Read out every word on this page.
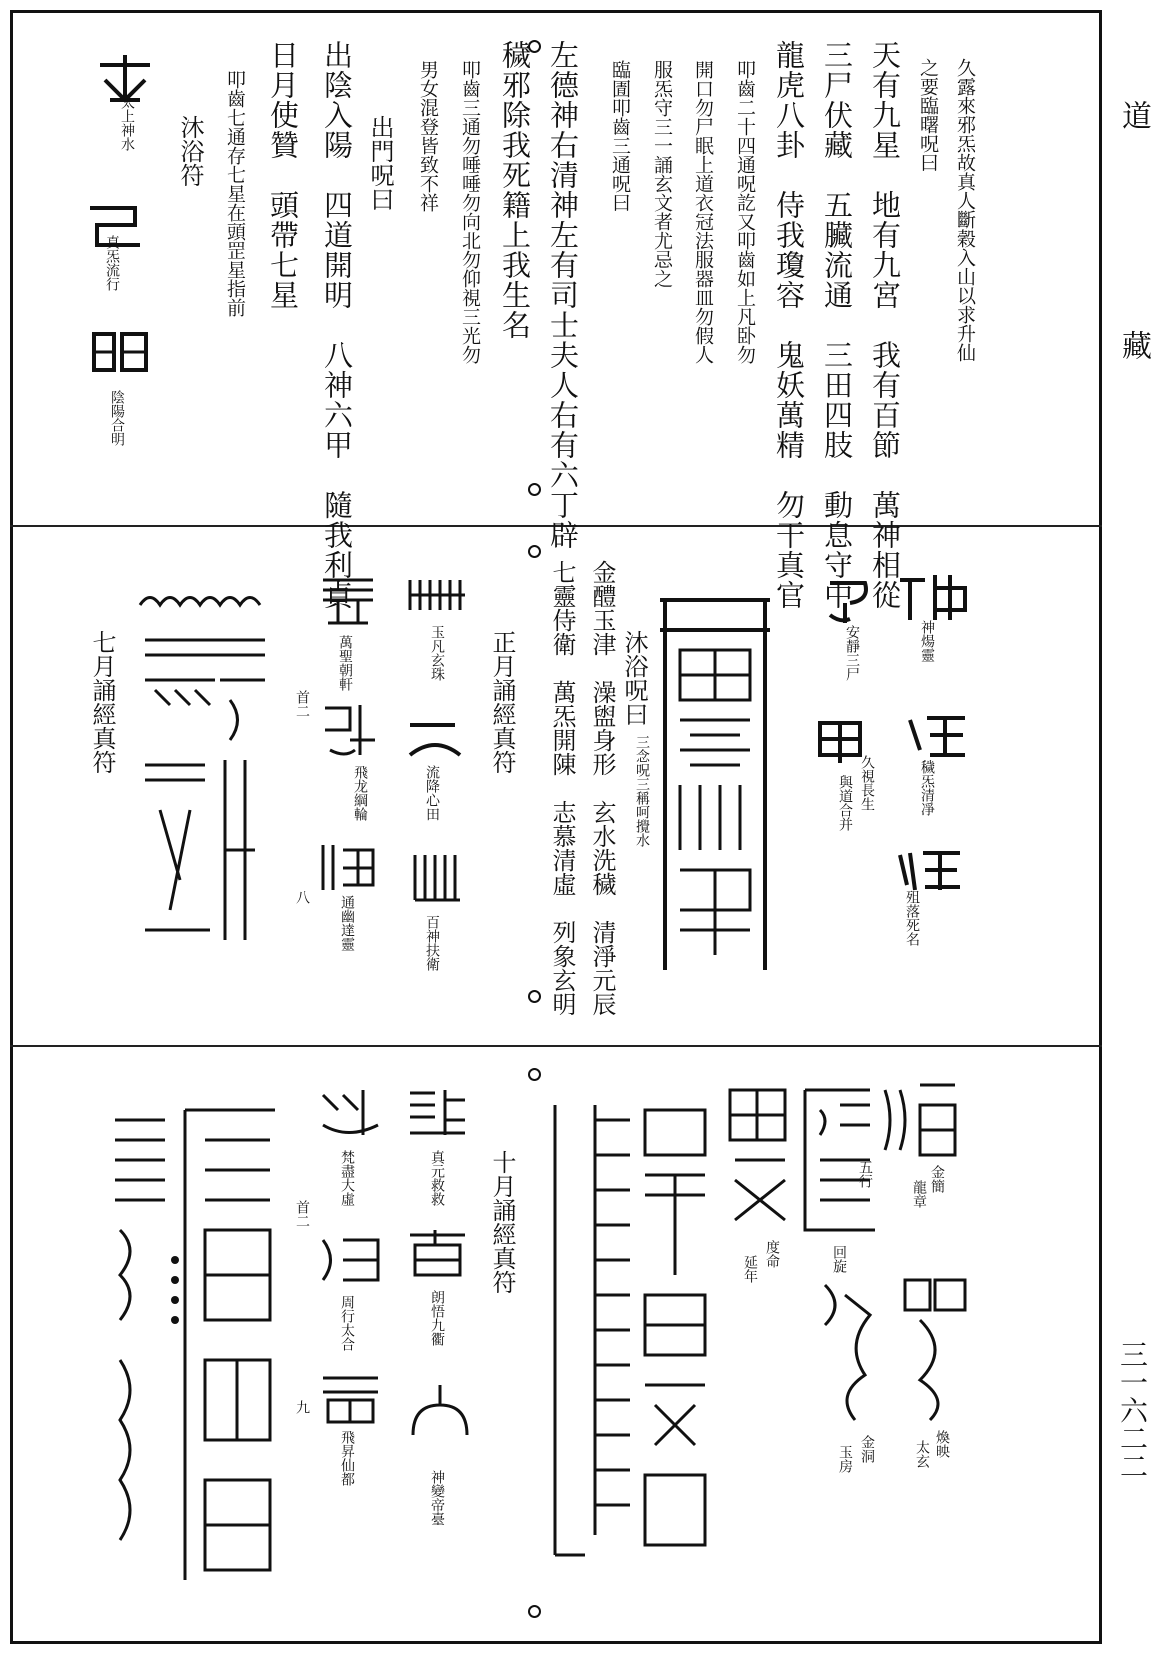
道
藏
三一六二二
久露來邪炁故真人斷穀入山以求升仙
之要臨曙呪曰
天有九星　地有九宮　我有百節　萬神相從
三尸伏藏　五臟流通　三田四肢　動息守中
龍虎八卦　侍我瓊容　鬼妖萬精　勿干真官
叩齒二十四通呪訖又叩齒如上凡卧勿
開口勿尸眠上道衣冠法服器皿勿假人
服炁守三一誦玄文者尤忌之
臨圊叩齒三通呪曰
左德神右清神左有司士夫人右有六丁辟
穢邪除我死籍上我生名
叩齒三通勿唾唾勿向北勿仰視三光勿
男女混登皆致不祥
出門呪曰
出陰入陽　四道開明　八神六甲　隨我利貞
日月使贊　頭帶七星
叩齒七通存七星在頭罡星指前
沐浴符
太上神水
真炁流行
陰陽合明
神煬靈
安靜三尸
久視長生
與道合并	穢炁清凈
殂落死名
沐浴呪曰
三念呪三稱呵攪水
金醴玉津　澡盥身形　玄水洗穢　清淨元辰
七靈侍衛　萬炁開陳　志慕清虛　列象玄明
玉凡玄珠
流降心田
百神扶衛
正月誦經真符
萬聖朝軒
飛龙綱輪
通幽達靈
首二
八
七月誦經真符
金簡
龍章
五行
回旋
度命
延年
煥映
太玄
金洞
玉房
十月誦經真符
真元救救
朗悟九衢
神變帝臺
梵盡大虛
周行太合
飛昇仙都
首二
九
